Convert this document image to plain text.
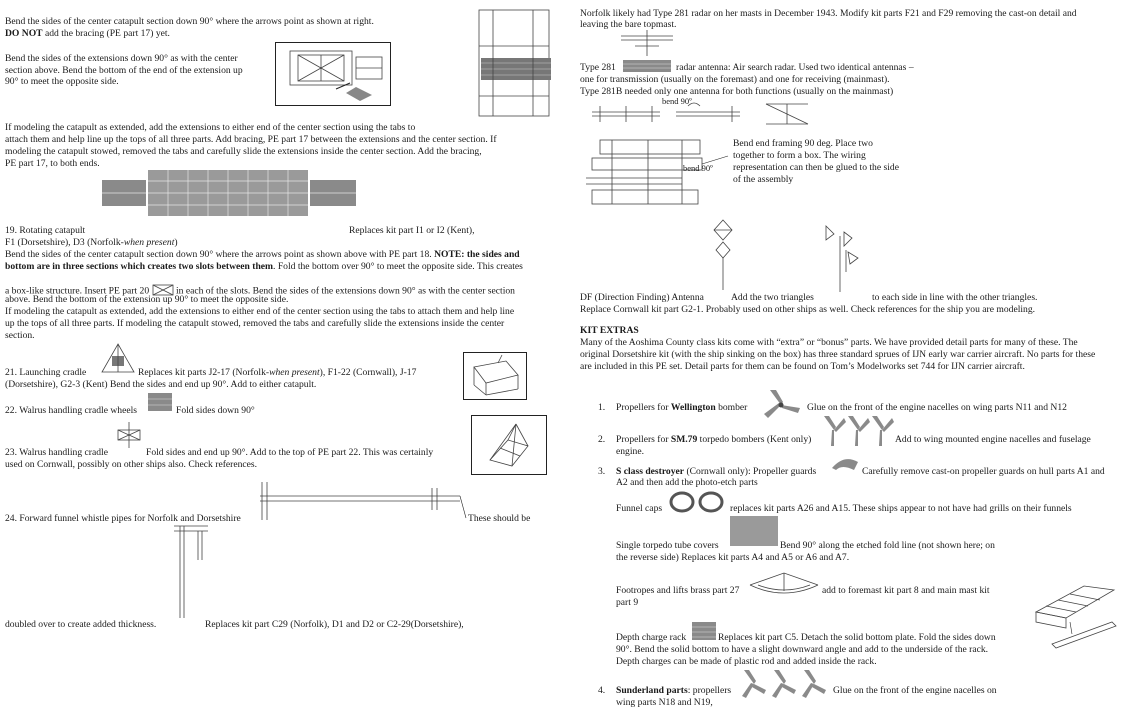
Bend the sides of the center catapult section down 90° where the arrows point as shown at right.
DO NOT add the bracing (PE part 17) yet.
Bend the sides of the extensions down 90° as with the center
section above. Bend the bottom of the end of the extension up
90° to meet the opposite side.
If modeling the catapult as extended, add the extensions to either end of the center section using the tabs to
attach them and help line up the tops of all three parts. Add bracing, PE part 17 between the extensions and the center section. If
modeling the catapult stowed, removed the tabs and carefully slide the extensions inside the center section. Add the bracing,
PE part 17, to both ends.
19. Rotating catapult	Replaces kit part I1 or I2 (Kent),
F1 (Dorsetshire), D3 (Norfolk-when present)
Bend the sides of the center catapult section down 90° where the arrows point as shown above with PE part 18. NOTE: the sides and
bottom are in three sections which creates two slots between them. Fold the bottom over 90° to meet the opposite side. This creates
a box-like structure. Insert PE part 20	in each of the slots. Bend the sides of the extensions down 90° as with the center section
above. Bend the bottom of the extension up 90° to meet the opposite side.
If modeling the catapult as extended, add the extensions to either end of the center section using the tabs to attach them and help line
up the tops of all three parts. If modeling the catapult stowed, removed the tabs and carefully slide the extensions inside the center
section.
21. Launching cradle	Replaces kit parts J2-17 (Norfolk-when present), F1-22 (Cornwall), J-17
(Dorsetshire), G2-3 (Kent) Bend the sides and end up 90°. Add to either catapult.
22. Walrus handling cradle wheels	Fold sides down 90°
23. Walrus handling cradle	Fold sides and end up 90°. Add to the top of PE part 22. This was certainly
used on Cornwall, possibly on other ships also. Check references.
24. Forward funnel whistle pipes for Norfolk and Dorsetshire	These should be
doubled over to create added thickness.	Replaces kit part C29 (Norfolk), D1 and D2 or C2-29(Dorsetshire),
Norfolk likely had Type 281 radar on her masts in December 1943. Modify kit parts F21 and F29 removing the cast-on detail and
leaving the bare topmast.
Type 281	radar antenna: Air search radar. Used two identical antennas –
one for transmission (usually on the foremast) and one for receiving (mainmast).
Type 281B needed only one antenna for both functions (usually on the mainmast)
bend 90º
bend 90º
Bend end framing 90 deg. Place two
together to form a box. The wiring
representation can then be glued to the side
of the assembly
DF (Direction Finding) Antenna	Add the two triangles	to each side in line with the other triangles.
Replace Cornwall kit part G2-1. Probably used on other ships as well. Check references for the ship you are modeling.
KIT EXTRAS
Many of the Aoshima County class kits come with “extra” or “bonus” parts. We have provided detail parts for many of these. The
original Dorsetshire kit (with the ship sinking on the box) has three standard sprues of IJN early war carrier aircraft. No parts for these
are included in this PE set. Detail parts for them can be found on Tom’s Modelworks set 744 for IJN carrier aircraft.
1. Propellers for Wellington bomber	Glue on the front of the engine nacelles on wing parts N11 and N12
2. Propellers for SM.79 torpedo bombers (Kent only)	Add to wing mounted engine nacelles and fuselage
engine.
3. S class destroyer (Cornwall only): Propeller guards	Carefully remove cast-on propeller guards on hull parts A1 and
A2 and then add the photo-etch parts
Funnel caps	replaces kit parts A26 and A15. These ships appear to not have had grills on their funnels
Single torpedo tube covers	Bend 90° along the etched fold line (not shown here; on
the reverse side) Replaces kit parts A4 and A5 or A6 and A7.
Footropes and lifts brass part 27	add to foremast kit part 8 and main mast kit
part 9
Depth charge rack	Replaces kit part C5. Detach the solid bottom plate. Fold the sides down
90°. Bend the solid bottom to have a slight downward angle and add to the underside of the rack.
Depth charges can be made of plastic rod and added inside the rack.
4. Sunderland parts: propellers	Glue on the front of the engine nacelles on
wing parts N18 and N19,
